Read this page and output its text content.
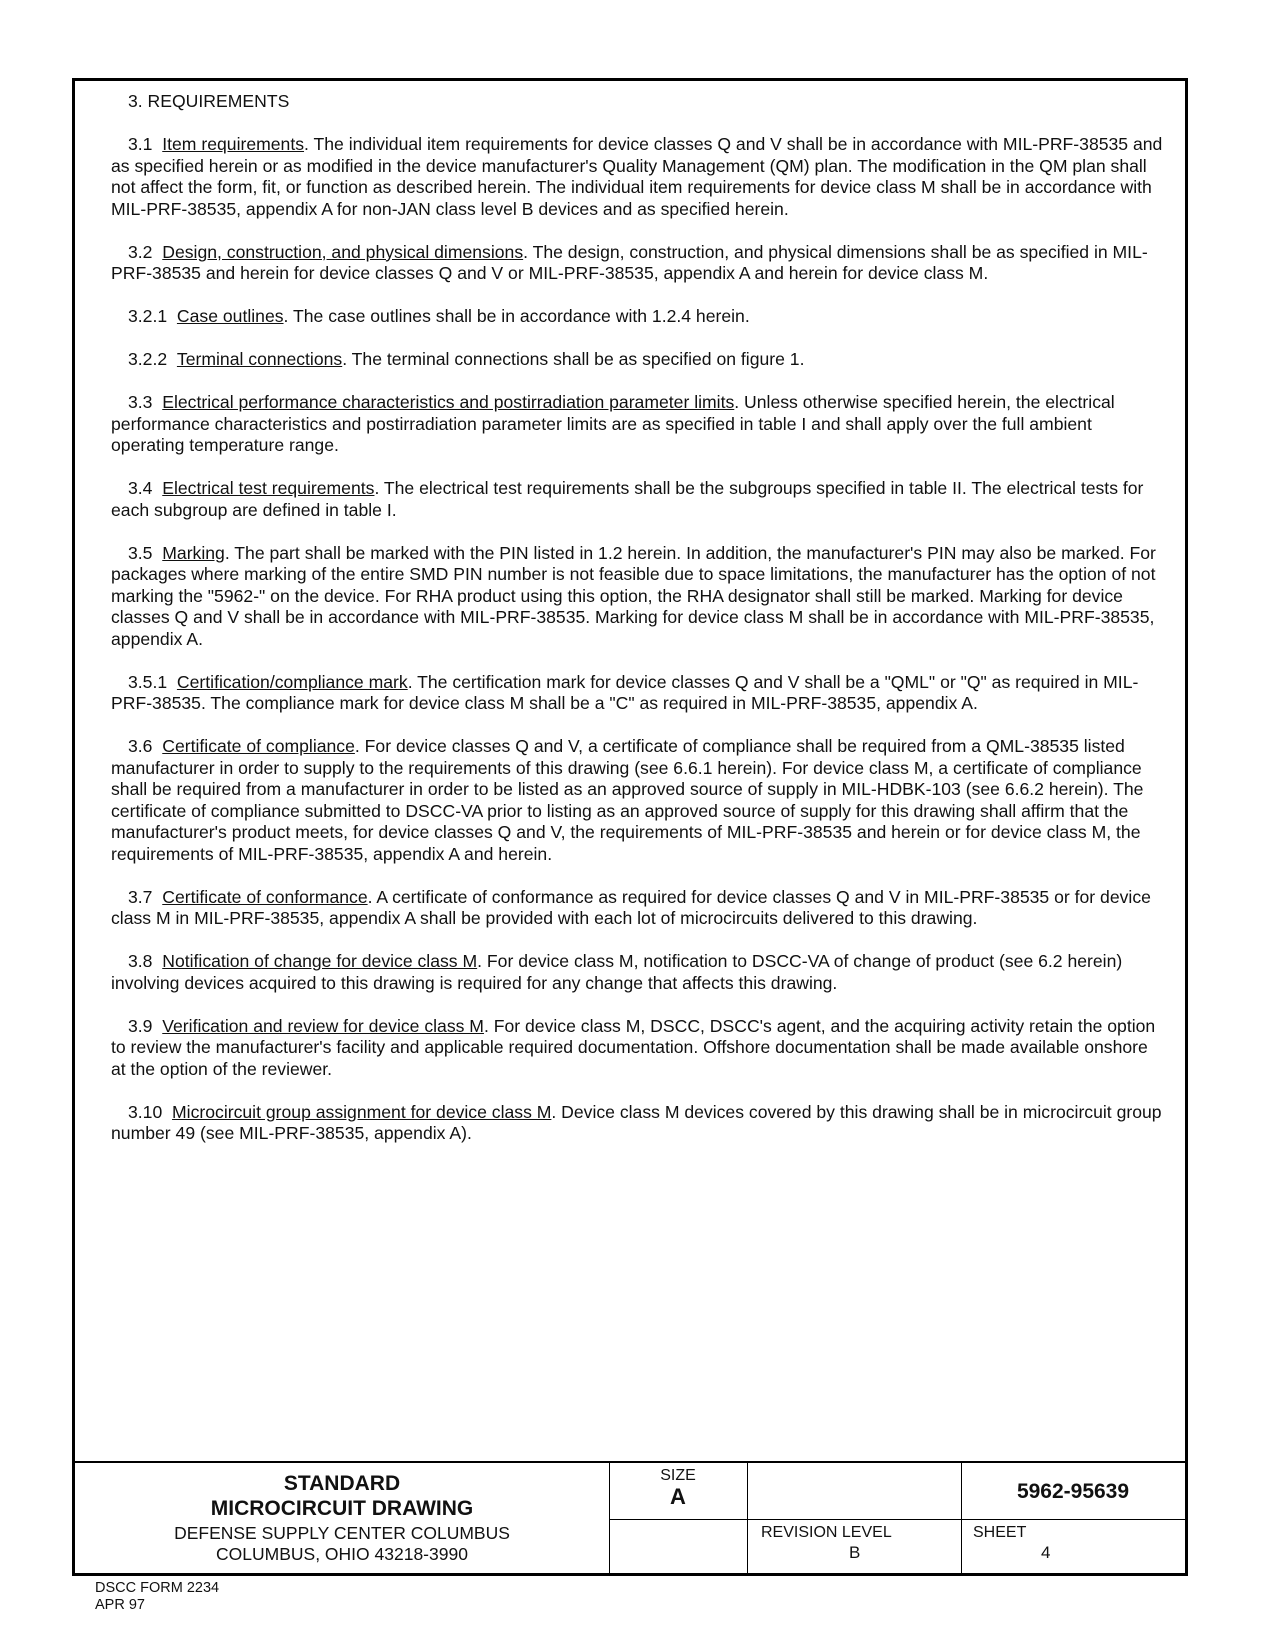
3. REQUIREMENTS

3.1 Item requirements. The individual item requirements for device classes Q and V shall be in accordance with MIL-PRF-38535 and as specified herein or as modified in the device manufacturer's Quality Management (QM) plan. The modification in the QM plan shall not affect the form, fit, or function as described herein. The individual item requirements for device class M shall be in accordance with MIL-PRF-38535, appendix A for non-JAN class level B devices and as specified herein.

3.2 Design, construction, and physical dimensions. The design, construction, and physical dimensions shall be as specified in MIL-PRF-38535 and herein for device classes Q and V or MIL-PRF-38535, appendix A and herein for device class M.

3.2.1 Case outlines. The case outlines shall be in accordance with 1.2.4 herein.

3.2.2 Terminal connections. The terminal connections shall be as specified on figure 1.

3.3 Electrical performance characteristics and postirradiation parameter limits. Unless otherwise specified herein, the electrical performance characteristics and postirradiation parameter limits are as specified in table I and shall apply over the full ambient operating temperature range.

3.4 Electrical test requirements. The electrical test requirements shall be the subgroups specified in table II. The electrical tests for each subgroup are defined in table I.

3.5 Marking. The part shall be marked with the PIN listed in 1.2 herein. In addition, the manufacturer's PIN may also be marked. For packages where marking of the entire SMD PIN number is not feasible due to space limitations, the manufacturer has the option of not marking the "5962-" on the device. For RHA product using this option, the RHA designator shall still be marked. Marking for device classes Q and V shall be in accordance with MIL-PRF-38535. Marking for device class M shall be in accordance with MIL-PRF-38535, appendix A.

3.5.1 Certification/compliance mark. The certification mark for device classes Q and V shall be a "QML" or "Q" as required in MIL-PRF-38535. The compliance mark for device class M shall be a "C" as required in MIL-PRF-38535, appendix A.

3.6 Certificate of compliance. For device classes Q and V, a certificate of compliance shall be required from a QML-38535 listed manufacturer in order to supply to the requirements of this drawing (see 6.6.1 herein). For device class M, a certificate of compliance shall be required from a manufacturer in order to be listed as an approved source of supply in MIL-HDBK-103 (see 6.6.2 herein). The certificate of compliance submitted to DSCC-VA prior to listing as an approved source of supply for this drawing shall affirm that the manufacturer's product meets, for device classes Q and V, the requirements of MIL-PRF-38535 and herein or for device class M, the requirements of MIL-PRF-38535, appendix A and herein.

3.7 Certificate of conformance. A certificate of conformance as required for device classes Q and V in MIL-PRF-38535 or for device class M in MIL-PRF-38535, appendix A shall be provided with each lot of microcircuits delivered to this drawing.

3.8 Notification of change for device class M. For device class M, notification to DSCC-VA of change of product (see 6.2 herein) involving devices acquired to this drawing is required for any change that affects this drawing.

3.9 Verification and review for device class M. For device class M, DSCC, DSCC's agent, and the acquiring activity retain the option to review the manufacturer's facility and applicable required documentation. Offshore documentation shall be made available onshore at the option of the reviewer.

3.10 Microcircuit group assignment for device class M. Device class M devices covered by this drawing shall be in microcircuit group number 49 (see MIL-PRF-38535, appendix A).

STANDARD
MICROCIRCUIT DRAWING
DEFENSE SUPPLY CENTER COLUMBUS
COLUMBUS, OHIO 43218-3990
SIZE
A	5962-95639
REVISION LEVEL
B
SHEET
4
DSCC FORM 2234
APR 97
